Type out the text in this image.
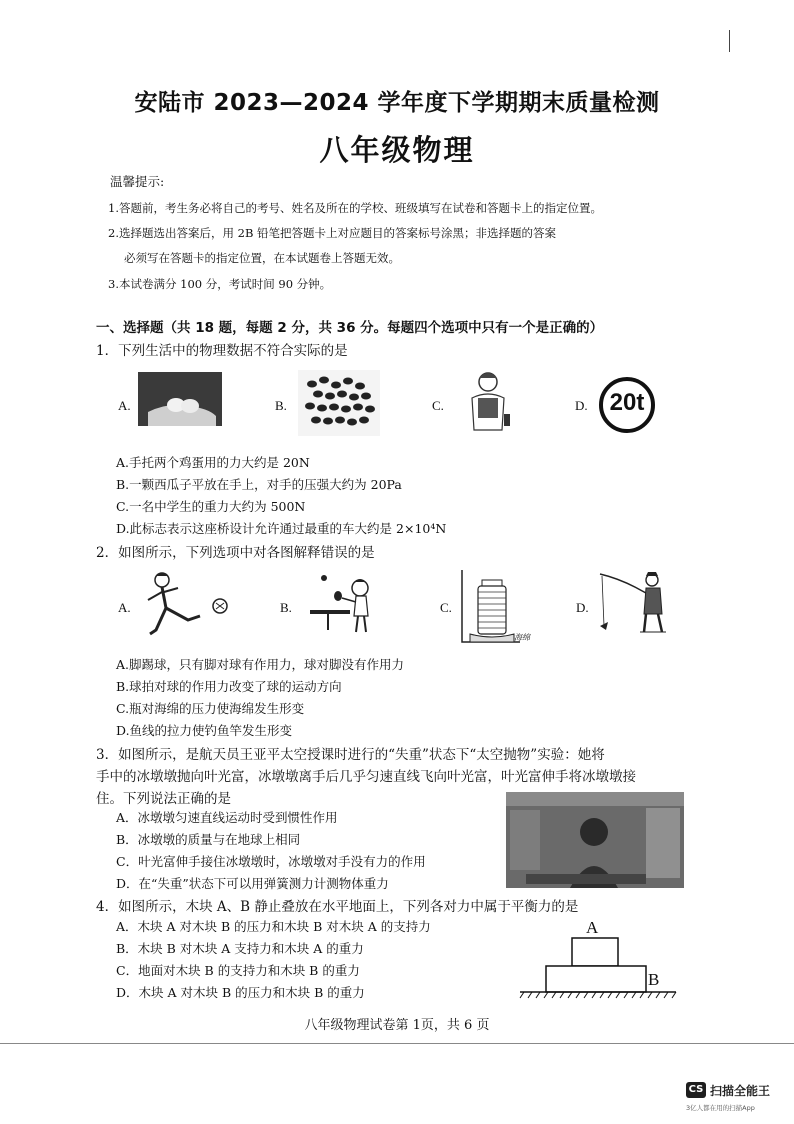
安陆市 2023—2024 学年度下学期期末质量检测
八年级物理
温馨提示:
1.答题前，考生务必将自己的考号、姓名及所在的学校、班级填写在试卷和答题卡上的指定位置。
2.选择题选出答案后，用 2B 铅笔把答题卡上对应题目的答案标号涂黑；非选择题的答案
必须写在答题卡的指定位置，在本试题卷上答题无效。
3.本试卷满分 100 分，考试时间 90 分钟。
一、选择题（共 18 题，每题 2 分，共 36 分。每题四个选项中只有一个是正确的）
1．下列生活中的物理数据不符合实际的是
A.	B.	C.	D. 20t
A.手托两个鸡蛋用的力大约是 20N
B.一颗西瓜子平放在手上，对手的压强大约为 20Pa
C.一名中学生的重力大约为 500N
D.此标志表示这座桥设计允许通过最重的车大约是 2×10⁴N
2．如图所示，下列选项中对各图解释错误的是
A.	B.	C.
海绵
D.
A.脚踢球，只有脚对球有作用力，球对脚没有作用力
B.球拍对球的作用力改变了球的运动方向
C.瓶对海绵的压力使海绵发生形变
D.鱼线的拉力使钓鱼竿发生形变
3．如图所示，是航天员王亚平太空授课时进行的“失重”状态下“太空抛物”实验：她将
手中的冰墩墩抛向叶光富，冰墩墩离手后几乎匀速直线飞向叶光富，叶光富伸手将冰墩墩接
住。下列说法正确的是
A．冰墩墩匀速直线运动时受到惯性作用
B．冰墩墩的质量与在地球上相同
C．叶光富伸手接住冰墩墩时，冰墩墩对手没有力的作用
D．在“失重”状态下可以用弹簧测力计测物体重力
4．如图所示，木块 A、B 静止叠放在水平地面上，下列各对力中属于平衡力的是
A
B
A．木块 A 对木块 B 的压力和木块 B 对木块 A 的支持力
B．木块 B 对木块 A 支持力和木块 A 的重力
C．地面对木块 B 的支持力和木块 B 的重力
D．木块 A 对木块 B 的压力和木块 B 的重力
八年级物理试卷第 1页，共 6 页
CS 扫描全能王
3亿人都在用的扫描App
